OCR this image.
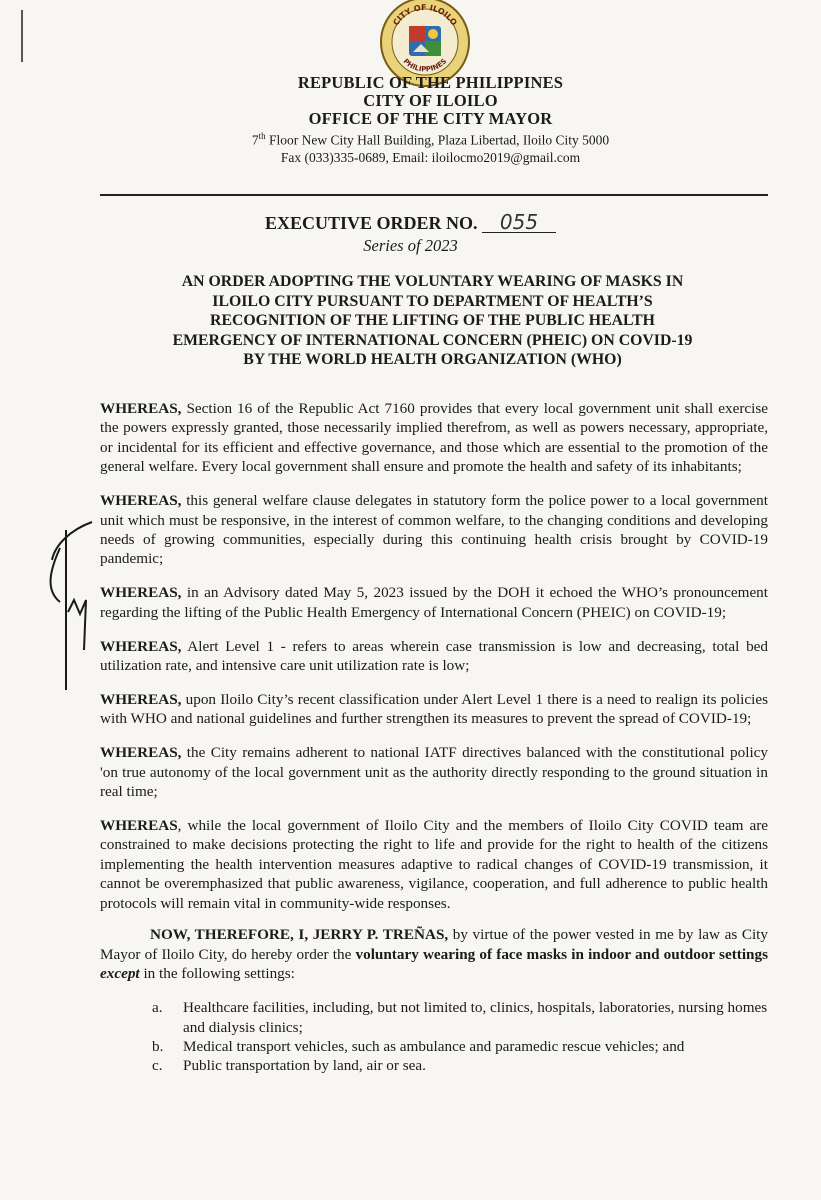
CITY OF ILOILO
PHILIPPINES
REPUBLIC OF THE PHILIPPINES
CITY OF ILOILO
OFFICE OF THE CITY MAYOR
7th Floor New City Hall Building, Plaza Libertad, Iloilo City 5000
Fax (033)335-0689, Email: iloilocmo2019@gmail.com
EXECUTIVE ORDER NO. 055
Series of 2023
AN ORDER ADOPTING THE VOLUNTARY WEARING OF MASKS IN
ILOILO CITY PURSUANT TO DEPARTMENT OF HEALTH’S
RECOGNITION OF THE LIFTING OF THE PUBLIC HEALTH
EMERGENCY OF INTERNATIONAL CONCERN (PHEIC) ON COVID-19
BY THE WORLD HEALTH ORGANIZATION (WHO)

WHEREAS, Section 16 of the Republic Act 7160 provides that every local government unit shall exercise the powers expressly granted, those necessarily implied therefrom, as well as powers necessary, appropriate, or incidental for its efficient and effective governance, and those which are essential to the promotion of the general welfare. Every local government shall ensure and promote the health and safety of its inhabitants;

WHEREAS, this general welfare clause delegates in statutory form the police power to a local government unit which must be responsive, in the interest of common welfare, to the changing conditions and developing needs of growing communities, especially during this continuing health crisis brought by COVID-19 pandemic;

WHEREAS, in an Advisory dated May 5, 2023 issued by the DOH it echoed the WHO’s pronouncement regarding the lifting of the Public Health Emergency of International Concern (PHEIC) on COVID-19;

WHEREAS, Alert Level 1 - refers to areas wherein case transmission is low and decreasing, total bed utilization rate, and intensive care unit utilization rate is low;

WHEREAS, upon Iloilo City’s recent classification under Alert Level 1 there is a need to realign its policies with WHO and national guidelines and further strengthen its measures to prevent the spread of COVID-19;

WHEREAS, the City remains adherent to national IATF directives balanced with the constitutional policy 'on true autonomy of the local government unit as the authority directly responding to the ground situation in real time;

WHEREAS, while the local government of Iloilo City and the members of Iloilo City COVID team are constrained to make decisions protecting the right to life and provide for the right to health of the citizens implementing the health intervention measures adaptive to radical changes of COVID-19 transmission, it cannot be overemphasized that public awareness, vigilance, cooperation, and full adherence to public health protocols will remain vital in community-wide responses.

NOW, THEREFORE, I, JERRY P. TREÑAS, by virtue of the power vested in me by law as City Mayor of Iloilo City, do hereby order the voluntary wearing of face masks in indoor and outdoor settings except in the following settings:

a. Healthcare facilities, including, but not limited to, clinics, hospitals, laboratories, nursing homes and dialysis clinics;
b. Medical transport vehicles, such as ambulance and paramedic rescue vehicles; and
c. Public transportation by land, air or sea.
